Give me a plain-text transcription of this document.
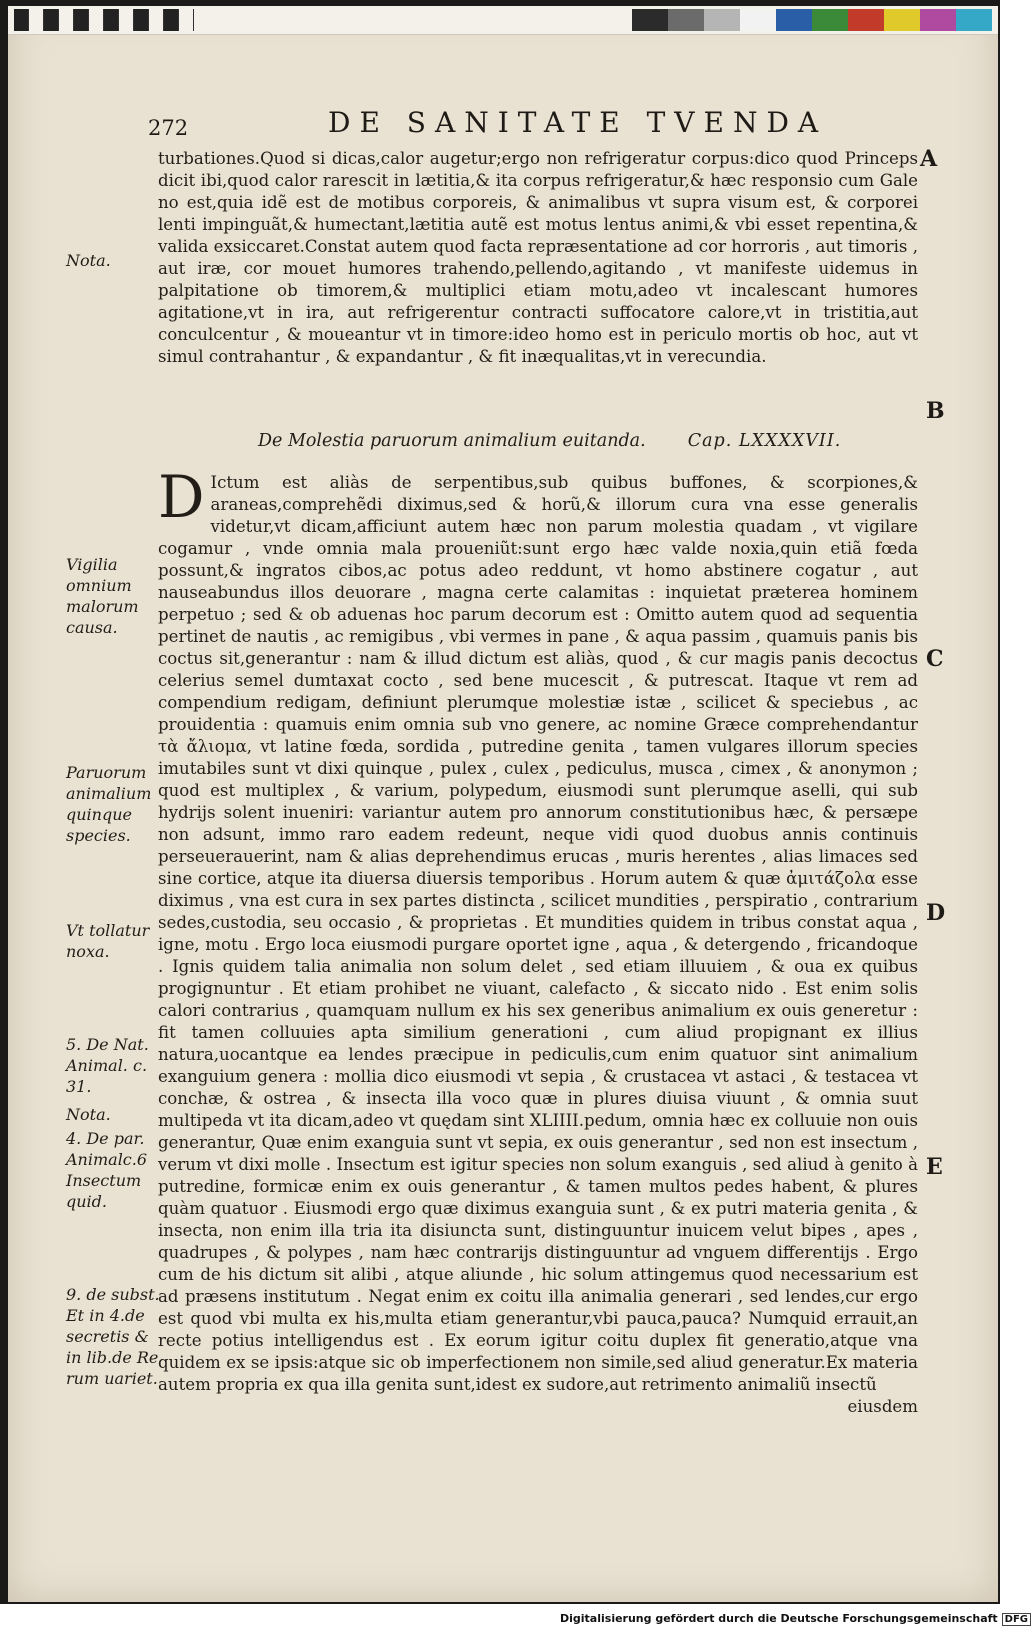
272	DE SANITATE TVENDA
A
B
C
D
E

turbationes.Quod si dicas,calor augetur;ergo non refrigeratur corpus:dico quod Princeps dicit ibi,quod calor rarescit in lætitia,& ita corpus refrigeratur,& hæc responsio cum Gale no est,quia idẽ est de motibus corporeis, & animalibus vt supra visum est, & corporei lenti impinguãt,& humectant,lætitia autẽ est motus lentus animi,& vbi esset repentina,& valida exsiccaret.Constat autem quod facta repræsentatione ad cor horroris , aut timoris , aut iræ, cor mouet humores trahendo,pellendo,agitando , vt manifeste uidemus in palpitatione ob timorem,& multiplici etiam motu,adeo vt incalescant humores agitatione,vt in ira, aut refrigerentur contracti suffocatore calore,vt in tristitia,aut conculcentur , & moueantur vt in timore:ideo homo est in periculo mortis ob hoc, aut vt simul contrahantur , & expandantur , & fit inæqualitas,vt in verecundia.

De Molestia paruorum animalium euitanda. Cap. LXXXXVII.

D Ictum est aliàs de serpentibus,sub quibus buffones, & scorpiones,& araneas,comprehẽdi diximus,sed & horũ,& illorum cura vna esse generalis videtur,vt dicam,afficiunt autem hæc non parum molestia quadam , vt vigilare cogamur , vnde omnia mala proueniũt:sunt ergo hæc valde noxia,quin etiã fœda possunt,& ingratos cibos,ac potus adeo reddunt, vt homo abstinere cogatur , aut nauseabundus illos deuorare , magna certe calamitas : inquietat præterea hominem perpetuo ; sed & ob aduenas hoc parum decorum est : Omitto autem quod ad sequentia pertinet de nautis , ac remigibus , vbi vermes in pane , & aqua passim , quamuis panis bis coctus sit,generantur : nam & illud dictum est aliàs, quod , & cur magis panis decoctus celerius semel dumtaxat cocto , sed bene mucescit , & putrescat. Itaque vt rem ad compendium redigam, definiunt plerumque molestiæ istæ , scilicet & speciebus , ac prouidentia : quamuis enim omnia sub vno genere, ac nomine Græce comprehendantur τὰ ἄλιομα, vt latine fœda, sordida , putredine genita , tamen vulgares illorum species imutabiles sunt vt dixi quinque , pulex , culex , pediculus, musca , cimex , & anonymon ; quod est multiplex , & varium, polypedum, eiusmodi sunt plerumque aselli, qui sub hydrijs solent inueniri: variantur autem pro annorum constitutionibus hæc, & persæpe non adsunt, immo raro eadem redeunt, neque vidi quod duobus annis continuis perseuerauerint, nam & alias deprehendimus erucas , muris herentes , alias limaces sed sine cortice, atque ita diuersa diuersis temporibus . Horum autem & quæ ἀμιτάζολα esse diximus , vna est cura in sex partes distincta , scilicet mundities , perspiratio , contrarium sedes,custodia, seu occasio , & proprietas . Et mundities quidem in tribus constat aqua , igne, motu . Ergo loca eiusmodi purgare oportet igne , aqua , & detergendo , fricandoque . Ignis quidem talia animalia non solum delet , sed etiam illuuiem , & oua ex quibus progignuntur . Et etiam prohibet ne viuant, calefacto , & siccato nido . Est enim solis calori contrarius , quamquam nullum ex his sex generibus animalium ex ouis generetur : fit tamen colluuies apta similium generationi , cum aliud propignant ex illius natura,uocantque ea lendes præcipue in pediculis,cum enim quatuor sint animalium exanguium genera : mollia dico eiusmodi vt sepia , & crustacea vt astaci , & testacea vt conchæ, & ostrea , & insecta illa voco quæ in plures diuisa viuunt , & omnia suut multipeda vt ita dicam,adeo vt quędam sint XLIIII.pedum, omnia hæc ex colluuie non ouis generantur, Quæ enim exanguia sunt vt sepia, ex ouis generantur , sed non est insectum , verum vt dixi molle . Insectum est igitur species non solum exanguis , sed aliud à genito à putredine, formicæ enim ex ouis generantur , & tamen multos pedes habent, & plures quàm quatuor . Eiusmodi ergo quæ diximus exanguia sunt , & ex putri materia genita , & insecta, non enim illa tria ita disiuncta sunt, distinguuntur inuicem velut bipes , apes , quadrupes , & polypes , nam hæc contrarijs distinguuntur ad vnguem differentijs . Ergo cum de his dictum sit alibi , atque aliunde , hic solum attingemus quod necessarium est ad præsens institutum . Negat enim ex coitu illa animalia generari , sed lendes,cur ergo est quod vbi multa ex his,multa etiam generantur,vbi pauca,pauca? Numquid errauit,an recte potius intelligendus est . Ex eorum igitur coitu duplex fit generatio,atque vna quidem ex se ipsis:atque sic ob imperfectionem non simile,sed aliud generatur.Ex materia autem propria ex qua illa genita sunt,idest ex sudore,aut retrimento animaliũ insectũ

eiusdem

Nota.
Vigilia omnium malorum causa.
Paruorum animalium quinque species.
Vt tollatur noxa.
5. De Nat. Animal. c. 31.
Nota.
4. De par. Animalc.6 Insectum quid.
9. de subst. Et in 4.de secretis & in lib.de Re rum uariet.
Digitalisierung gefördert durch die Deutsche Forschungsgemeinschaft DFG
